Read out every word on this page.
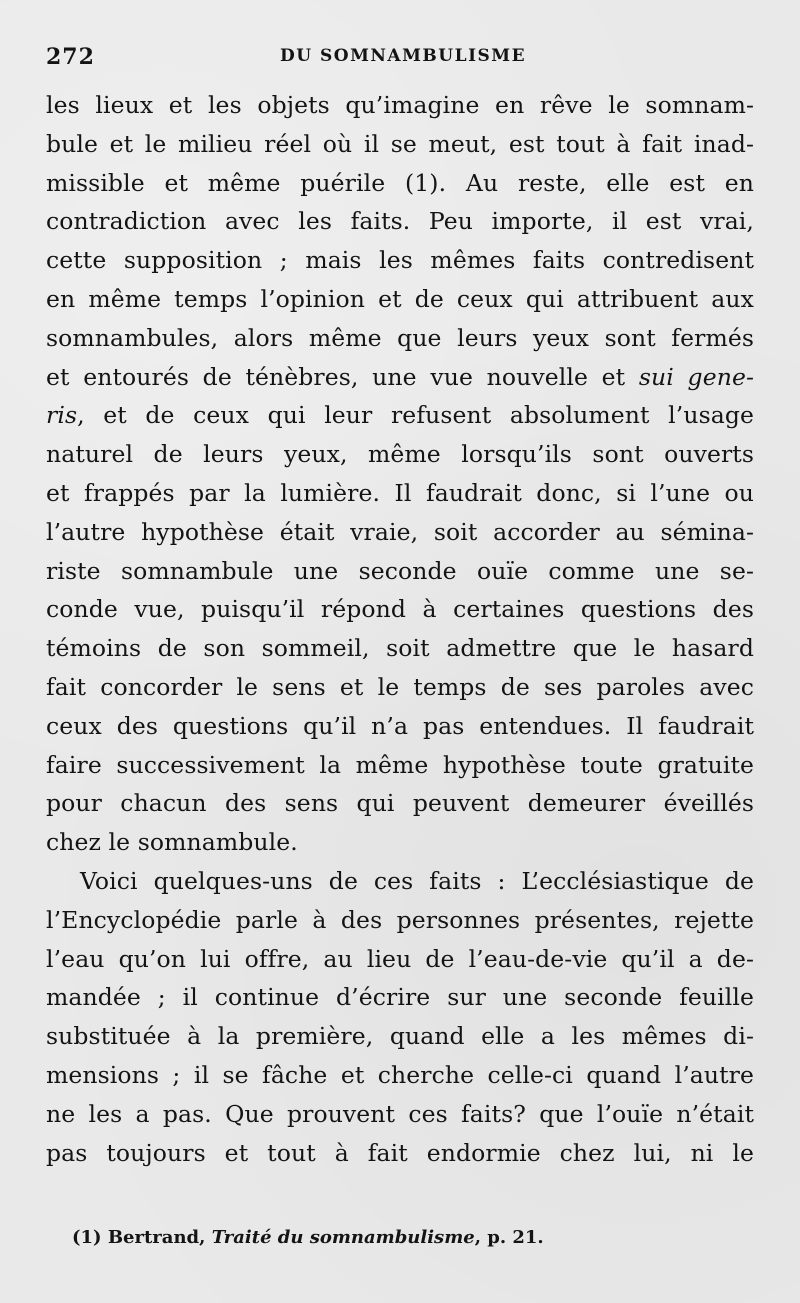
272	DU SOMNAMBULISME
les lieux et les objets qu’imagine en rêve le somnam-
bule et le milieu réel où il se meut, est tout à fait inad-
missible et même puérile (1). Au reste, elle est en
contradiction avec les faits. Peu importe, il est vrai,
cette supposition ; mais les mêmes faits contredisent
en même temps l’opinion et de ceux qui attribuent aux
somnambules, alors même que leurs yeux sont fermés
et entourés de ténèbres, une vue nouvelle et sui gene-
ris, et de ceux qui leur refusent absolument l’usage
naturel de leurs yeux, même lorsqu’ils sont ouverts
et frappés par la lumière. Il faudrait donc, si l’une ou
l’autre hypothèse était vraie, soit accorder au sémina-
riste somnambule une seconde ouïe comme une se-
conde vue, puisqu’il répond à certaines questions des
témoins de son sommeil, soit admettre que le hasard
fait concorder le sens et le temps de ses paroles avec
ceux des questions qu’il n’a pas entendues. Il faudrait
faire successivement la même hypothèse toute gratuite
pour chacun des sens qui peuvent demeurer éveillés
chez le somnambule.
Voici quelques-uns de ces faits : L’ecclésiastique de
l’Encyclopédie parle à des personnes présentes, rejette
l’eau qu’on lui offre, au lieu de l’eau-de-vie qu’il a de-
mandée ; il continue d’écrire sur une seconde feuille
substituée à la première, quand elle a les mêmes di-
mensions ; il se fâche et cherche celle-ci quand l’autre
ne les a pas. Que prouvent ces faits? que l’ouïe n’était
pas toujours et tout à fait endormie chez lui, ni le
(1) Bertrand, Traité du somnambulisme, p. 21.
